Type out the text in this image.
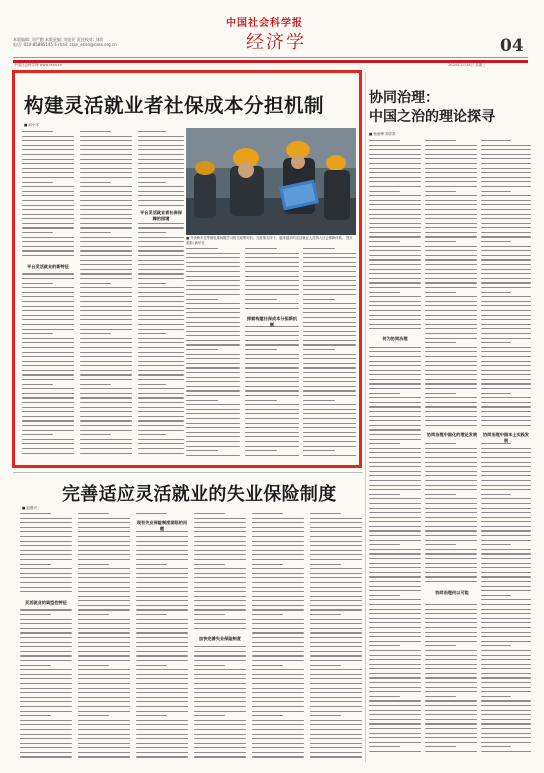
本版编辑: 刘严勤 本版责编: 刘安民 责任校对: 刘欣
电话: 010-85885145 E-mail: cssn_econ@cass.org.cn
中国社会科学报
经济学	04
中国社会科学网 www.cssn.cn	2024年2月14日 星期三
构建灵活就业者社保成本分担机制
■ 邓小平
■ 外卖骑手在等候电梯间隙学习相关政策知识。在政策支持下，越来越多的灵活就业人员纳入社会保障体系。 图片来源: 新华社
平台灵活就业的新特征
平台灵活就业者社保保障的困境
探索构建社保成本分担新机制
协同治理：
中国之治的理论探寻
■ 杨爱博 刘洋奇
何为协同治理
协同治理中国化的理论发展	协同治理中国本土实践发展
协同治理何以可能
完善适应灵活就业的失业保险制度
■ 赵德兴
灵活就业的典型性特征
现有失业保险制度面临的问题
加快完善失业保险制度
